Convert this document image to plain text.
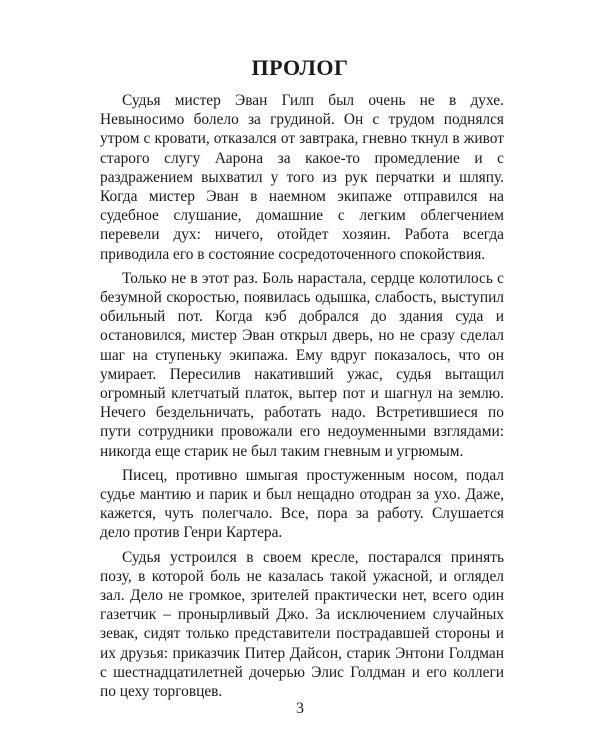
ПРОЛОГ

Судья мистер Эван Гилп был очень не в духе. Невыносимо болело за грудиной. Он с трудом поднялся утром с кровати, отказался от завтрака, гневно ткнул в живот старого слугу Аарона за какое-то промедление и с раздражением выхватил у того из рук перчатки и шляпу. Когда мистер Эван в наемном экипаже отправился на судебное слушание, домашние с легким облегчением перевели дух: ничего, отойдет хозяин. Работа всегда приводила его в состояние сосредоточенного спокойствия.

Только не в этот раз. Боль нарастала, сердце колотилось с безумной скоростью, появилась одышка, слабость, выступил обильный пот. Когда кэб добрался до здания суда и остановился, мистер Эван открыл дверь, но не сразу сделал шаг на ступеньку экипажа. Ему вдруг показалось, что он умирает. Пересилив накативший ужас, судья вытащил огромный клетчатый платок, вытер пот и шагнул на землю. Нечего бездельничать, работать надо. Встретившиеся по пути сотрудники провожали его недоуменными взглядами: никогда еще старик не был таким гневным и угрюмым.

Писец, противно шмыгая простуженным носом, подал судье мантию и парик и был нещадно отодран за ухо. Даже, кажется, чуть полегчало. Все, пора за работу. Слушается дело против Генри Картера.

Судья устроился в своем кресле, постарался принять позу, в которой боль не казалась такой ужасной, и оглядел зал. Дело не громкое, зрителей практически нет, всего один газетчик – пронырливый Джо. За исключением случайных зевак, сидят только представители пострадавшей стороны и их друзья: приказчик Питер Дайсон, старик Энтони Голдман с шестнадцатилетней дочерью Элис Голдман и его коллеги по цеху торговцев.

3
